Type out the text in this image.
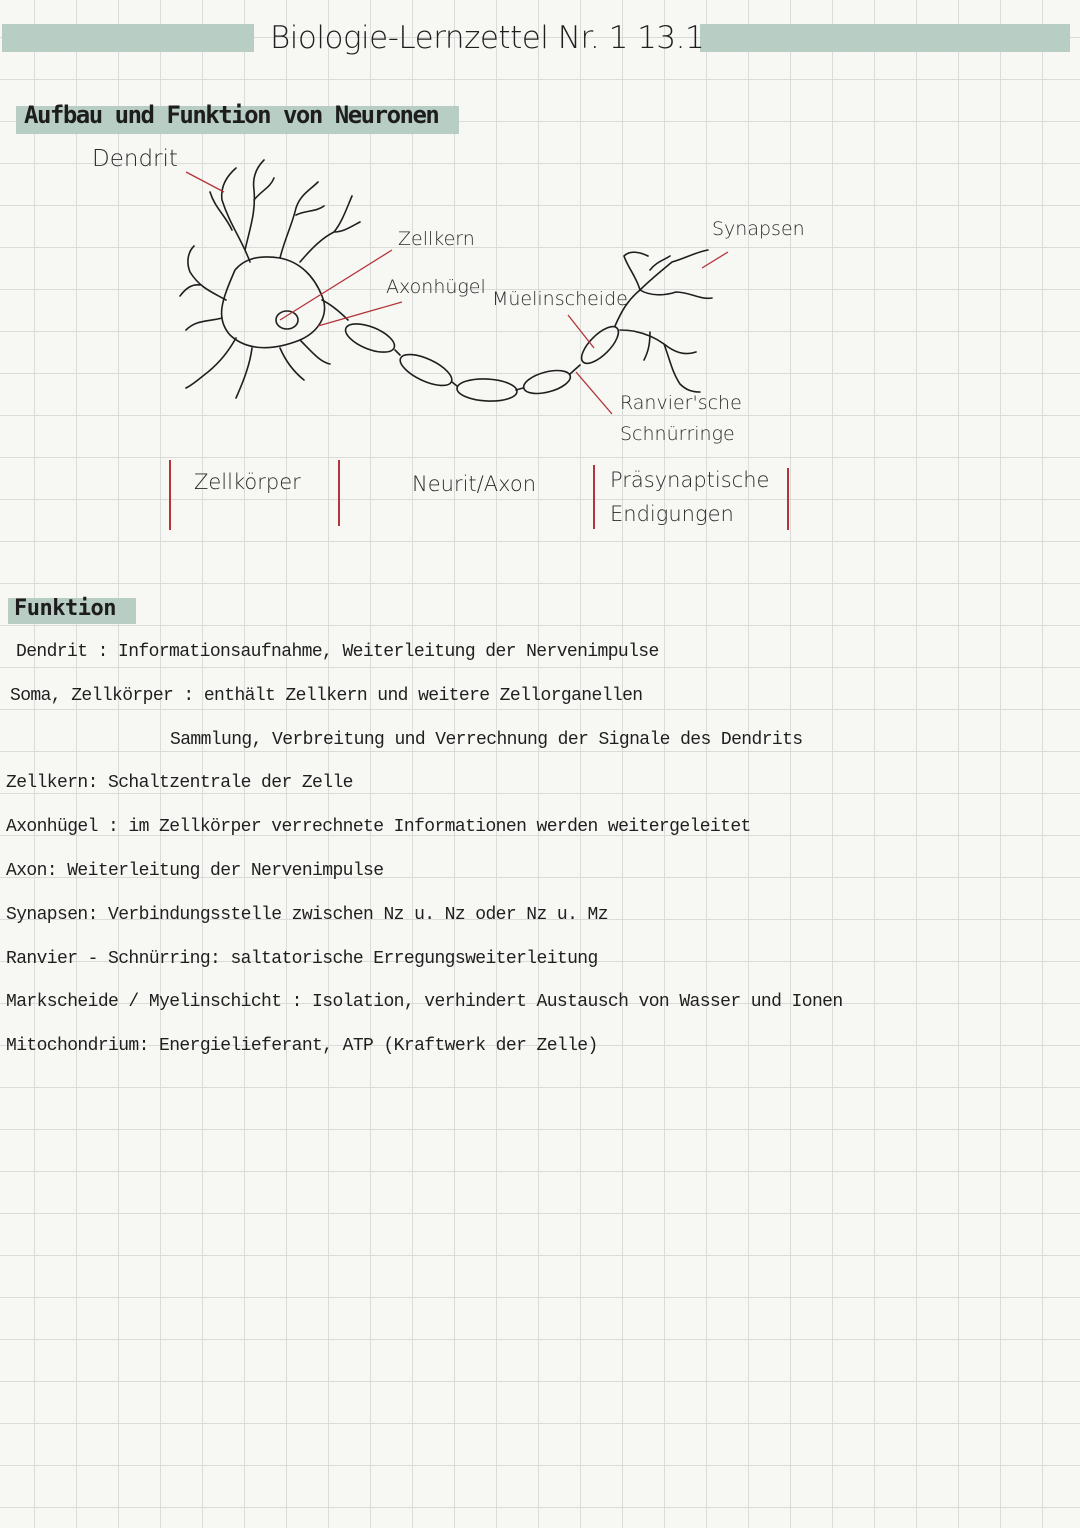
Biologie-Lernzettel Nr. 1 13.1
Aufbau und Funktion von Neuronen
Dendrit
Zellkern
Axonhügel
Müelinscheide
Synapsen
Ranvier'sche
Schnürringe
Zellkörper	Neurit/Axon	Präsynaptische
Endigungen
Funktion
Dendrit : Informationsaufnahme, Weiterleitung der Nervenimpulse
Soma, Zellkörper : enthält Zellkern und weitere Zellorganellen
Sammlung, Verbreitung und Verrechnung der Signale des Dendrits
Zellkern: Schaltzentrale der Zelle
Axonhügel : im Zellkörper verrechnete Informationen werden weitergeleitet
Axon: Weiterleitung der Nervenimpulse
Synapsen: Verbindungsstelle zwischen Nz u. Nz oder Nz u. Mz
Ranvier - Schnürring: saltatorische Erregungsweiterleitung
Markscheide / Myelinschicht : Isolation, verhindert Austausch von Wasser und Ionen
Mitochondrium: Energielieferant, ATP (Kraftwerk der Zelle)
